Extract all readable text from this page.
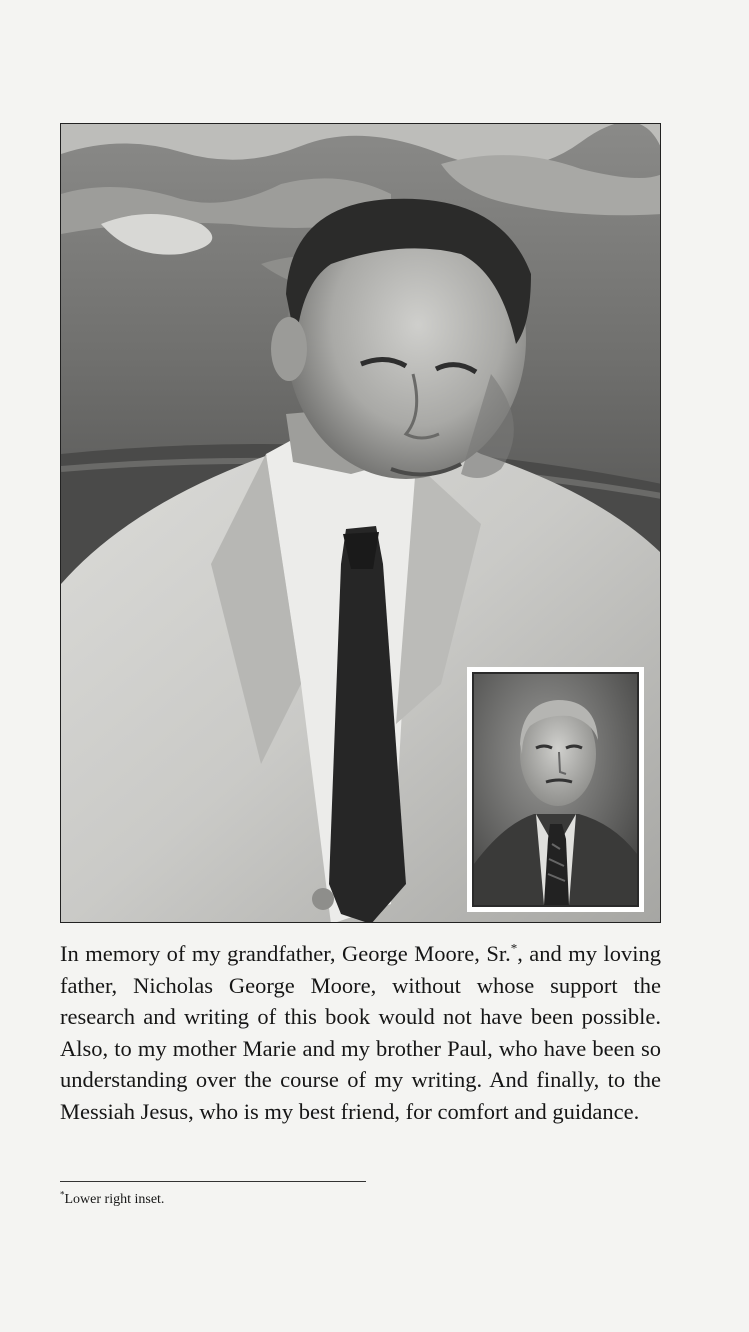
In memory of my grandfather, George Moore, Sr.*, and my loving father, Nicholas George Moore, without whose support the research and writing of this book would not have been possible. Also, to my mother Marie and my brother Paul, who have been so understanding over the course of my writing. And finally, to the Messiah Jesus, who is my best friend, for comfort and guidance.

*Lower right inset.
